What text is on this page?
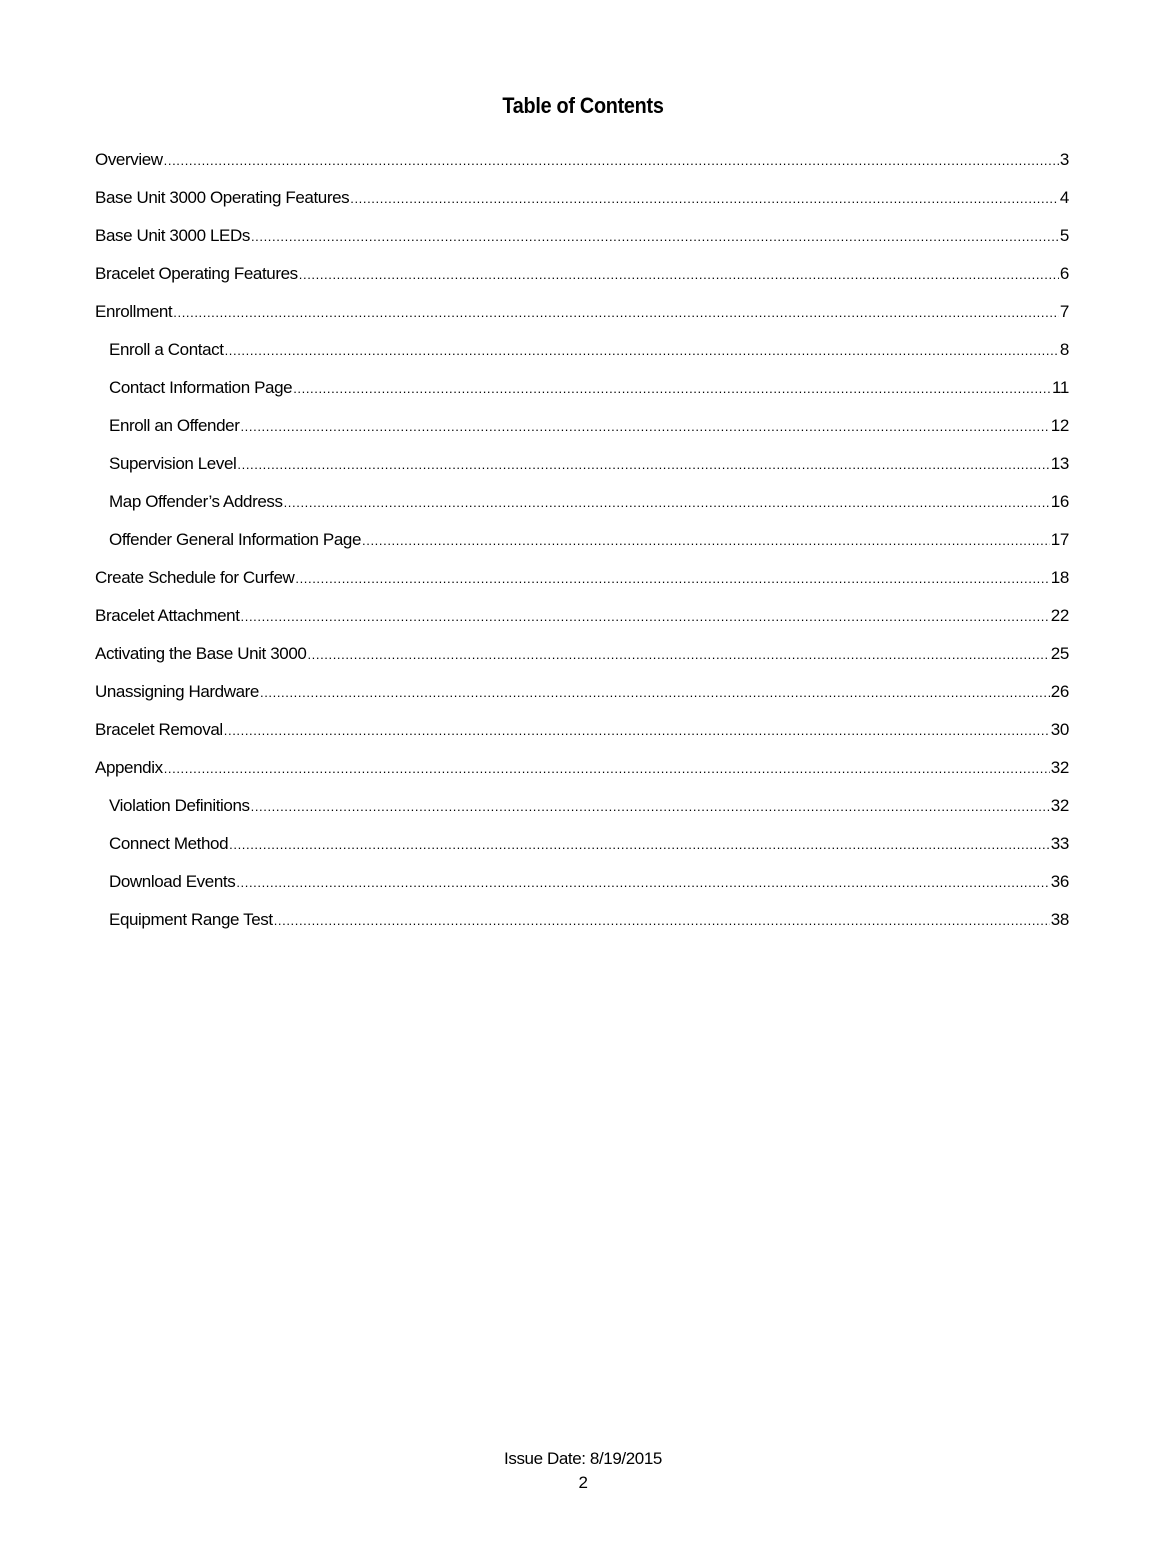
Table of Contents
Overview .....	3
Base Unit 3000 Operating Features .....	4
Base Unit 3000 LEDs .....	5
Bracelet Operating Features .....	6
Enrollment .....	7
Enroll a Contact .....	8
Contact Information Page .....	11
Enroll an Offender .....	12
Supervision Level .....	13
Map Offender’s Address .....	16
Offender General Information Page .....	17
Create Schedule for Curfew .....	18
Bracelet Attachment .....	22
Activating the Base Unit 3000 .....	25
Unassigning Hardware .....	26
Bracelet Removal .....	30
Appendix .....	32
Violation Definitions .....	32
Connect Method .....	33
Download Events .....	36
Equipment Range Test .....	38
Issue Date: 8/19/2015
2
